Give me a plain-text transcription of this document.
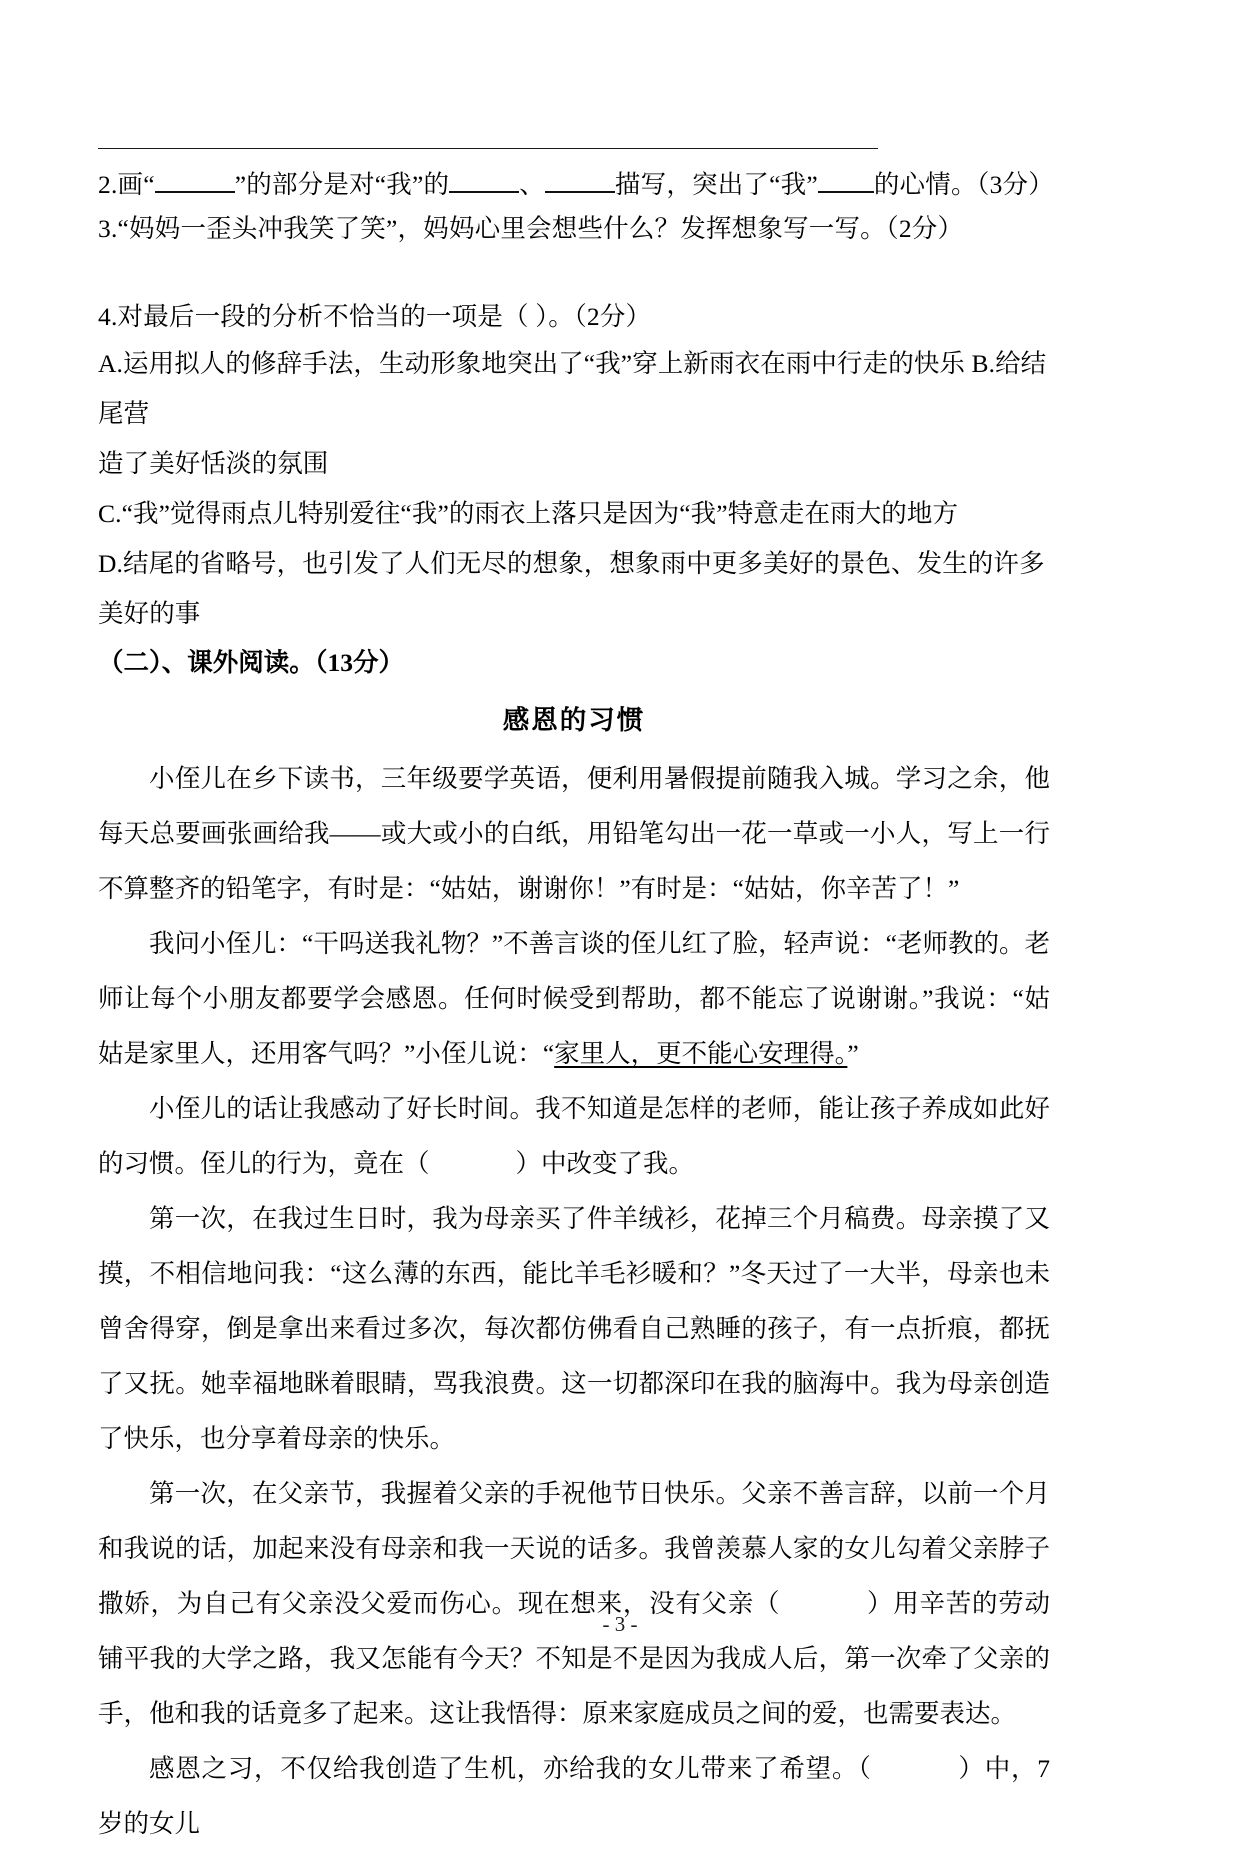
2.画“	”的部分是对“我”的	、	描写，突出了“我” 的心情。（3分）

3.“妈妈一歪头冲我笑了笑”，妈妈心里会想些什么？发挥想象写一写。（2分）

4.对最后一段的分析不恰当的一项是（ ）。（2分）

A.运用拟人的修辞手法，生动形象地突出了“我”穿上新雨衣在雨中行走的快乐 B.给结尾营

造了美好恬淡的氛围

C.“我”觉得雨点儿特别爱往“我”的雨衣上落只是因为“我”特意走在雨大的地方

D.结尾的省略号，也引发了人们无尽的想象，想象雨中更多美好的景色、发生的许多美好的事

（二）、课外阅读。（13分）

感恩的习惯

小侄儿在乡下读书，三年级要学英语，便利用暑假提前随我入城。学习之余，他每天总要画张画给我——或大或小的白纸，用铅笔勾出一花一草或一小人，写上一行不算整齐的铅笔字，有时是：“姑姑，谢谢你！”有时是：“姑姑，你辛苦了！”

我问小侄儿：“干吗送我礼物？”不善言谈的侄儿红了脸，轻声说：“老师教的。老师让每个小朋友都要学会感恩。任何时候受到帮助，都不能忘了说谢谢。”我说：“姑姑是家里人，还用客气吗？”小侄儿说：“家里人，更不能心安理得。”

小侄儿的话让我感动了好长时间。我不知道是怎样的老师，能让孩子养成如此好的习惯。侄儿的行为，竟在（	）中改变了我。

第一次，在我过生日时，我为母亲买了件羊绒衫，花掉三个月稿费。母亲摸了又摸，不相信地问我：“这么薄的东西，能比羊毛衫暖和？”冬天过了一大半，母亲也未曾舍得穿，倒是拿出来看过多次，每次都仿佛看自己熟睡的孩子，有一点折痕，都抚了又抚。她幸福地眯着眼睛，骂我浪费。这一切都深印在我的脑海中。我为母亲创造了快乐，也分享着母亲的快乐。

第一次，在父亲节，我握着父亲的手祝他节日快乐。父亲不善言辞，以前一个月和我说的话，加起来没有母亲和我一天说的话多。我曾羡慕人家的女儿勾着父亲脖子撒娇，为自己有父亲没父爱而伤心。现在想来，没有父亲（	）用辛苦的劳动铺平我的大学之路，我又怎能有今天？不知是不是因为我成人后，第一次牵了父亲的手，他和我的话竟多了起来。这让我悟得：原来家庭成员之间的爱，也需要表达。

感恩之习，不仅给我创造了生机，亦给我的女儿带来了希望。（	）中，7 岁的女儿

- 3 -
